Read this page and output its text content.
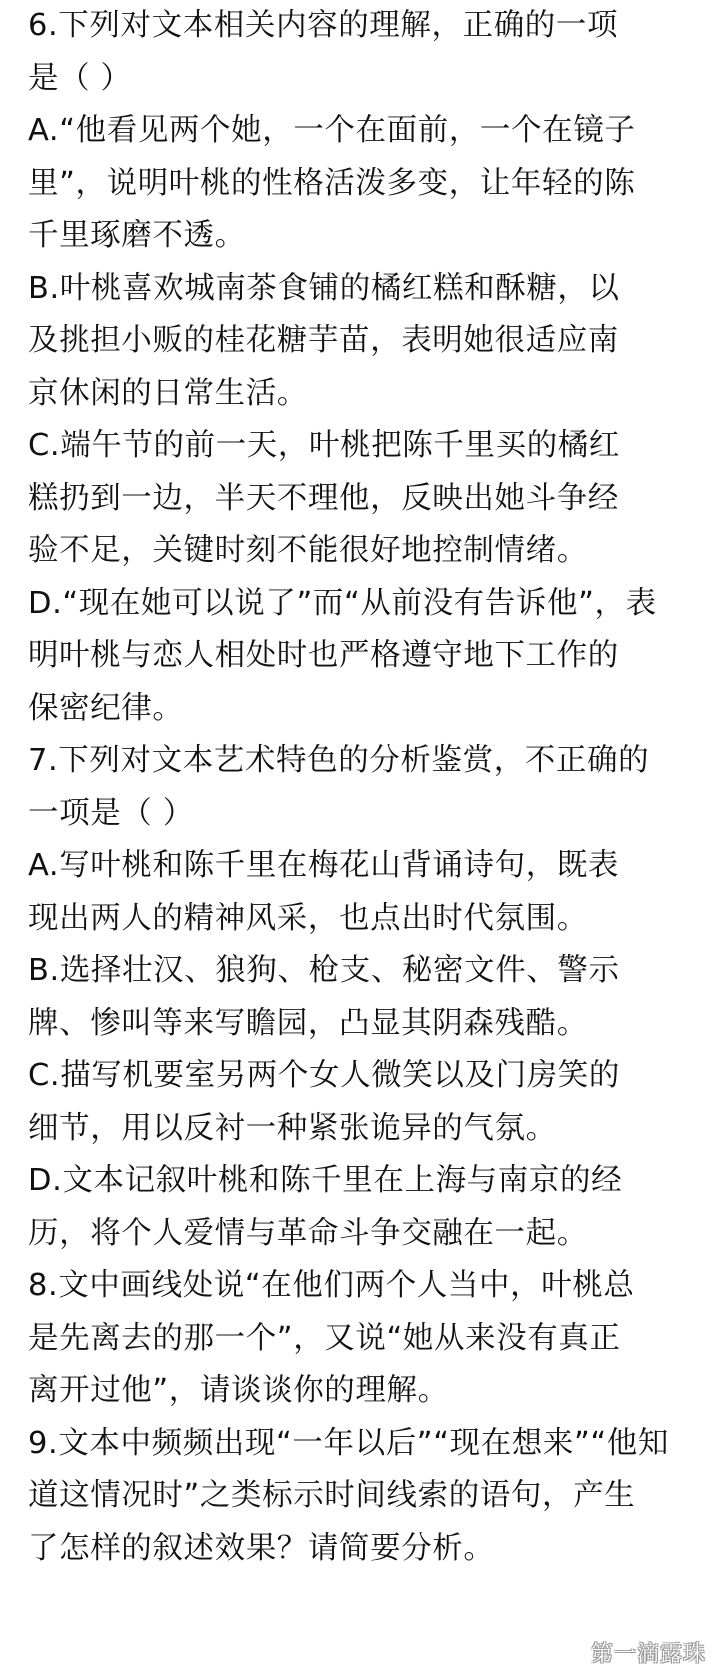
6.下列对文本相关内容的理解，正确的一项
是（ ）
A.“他看见两个她，一个在面前，一个在镜子
里”，说明叶桃的性格活泼多变，让年轻的陈
千里琢磨不透。
B.叶桃喜欢城南茶食铺的橘红糕和酥糖，以
及挑担小贩的桂花糖芋苗，表明她很适应南
京休闲的日常生活。
C.端午节的前一天，叶桃把陈千里买的橘红
糕扔到一边，半天不理他，反映出她斗争经
验不足，关键时刻不能很好地控制情绪。
D.“现在她可以说了”而“从前没有告诉他”，表
明叶桃与恋人相处时也严格遵守地下工作的
保密纪律。
7.下列对文本艺术特色的分析鉴赏，不正确的
一项是（ ）
A.写叶桃和陈千里在梅花山背诵诗句，既表
现出两人的精神风采，也点出时代氛围。
B.选择壮汉、狼狗、枪支、秘密文件、警示
牌、惨叫等来写瞻园，凸显其阴森残酷。
C.描写机要室另两个女人微笑以及门房笑的
细节，用以反衬一种紧张诡异的气氛。
D.文本记叙叶桃和陈千里在上海与南京的经
历，将个人爱情与革命斗争交融在一起。
8.文中画线处说“在他们两个人当中，叶桃总
是先离去的那一个”，又说“她从来没有真正
离开过他”，请谈谈你的理解。
9.文本中频频出现“一年以后”“现在想来”“他知
道这情况时”之类标示时间线索的语句，产生
了怎样的叙述效果？请简要分析。
第一滴露珠
